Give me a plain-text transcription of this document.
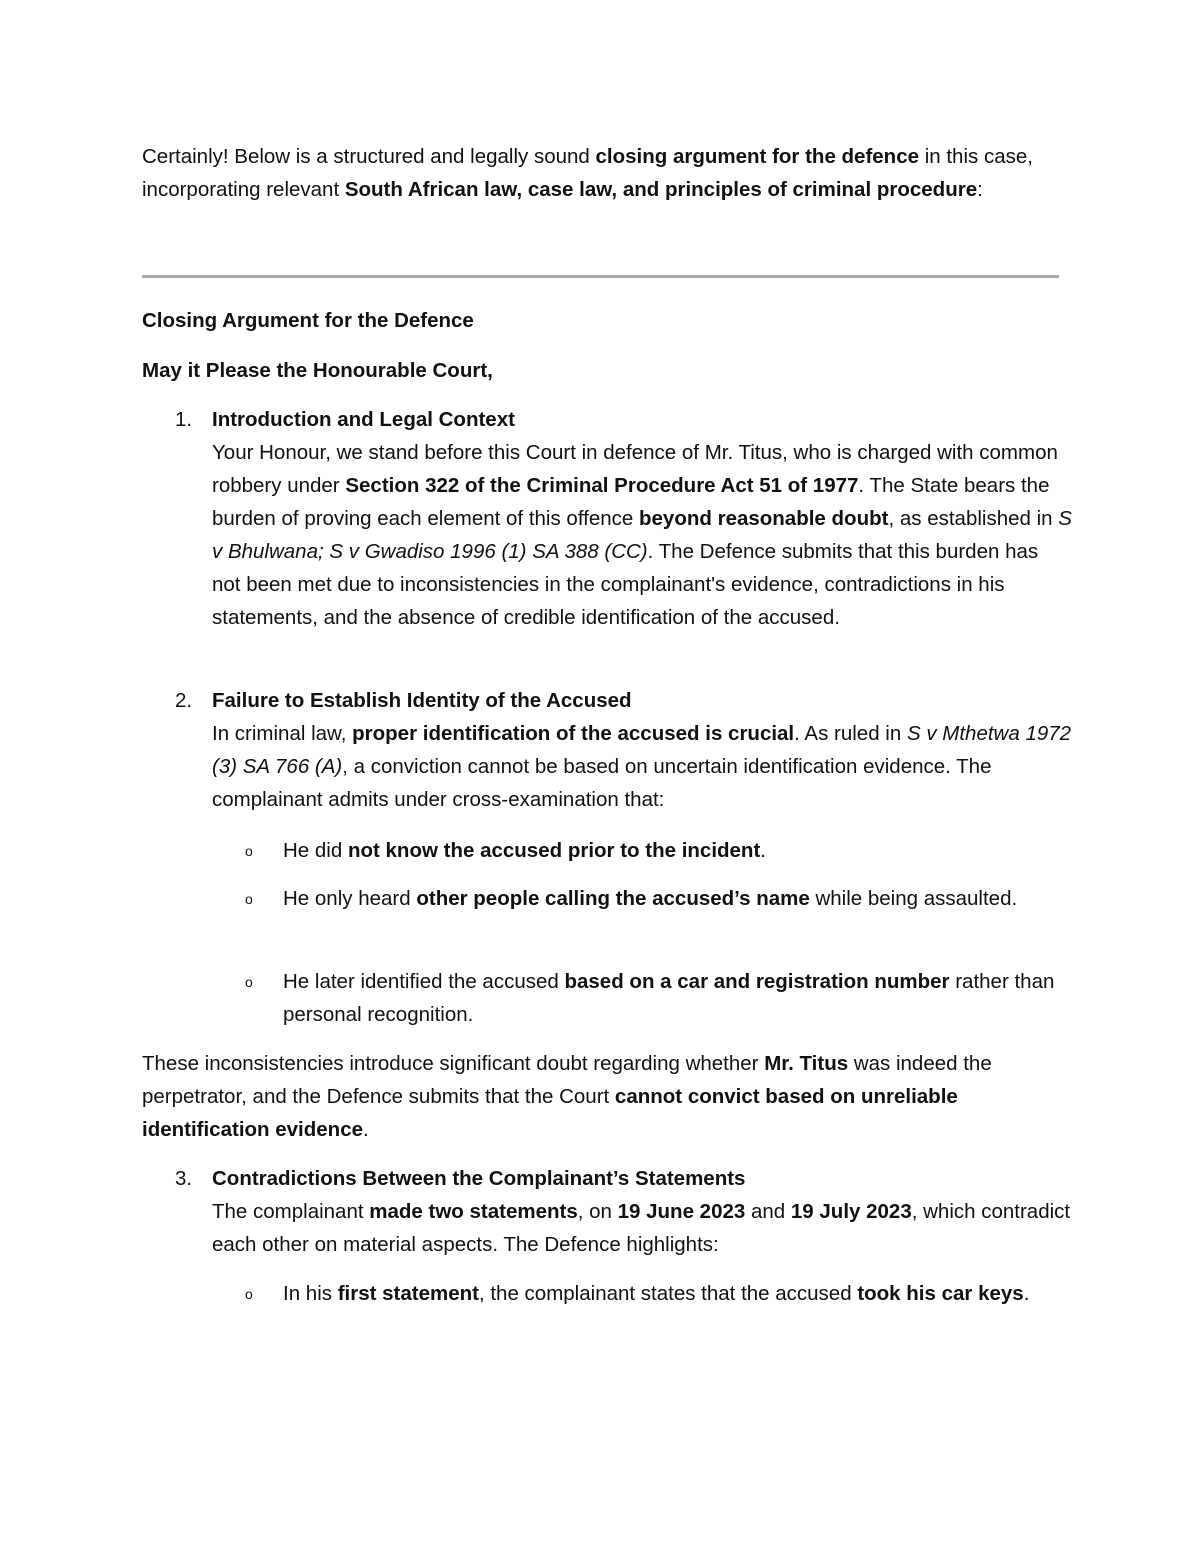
Certainly! Below is a structured and legally sound closing argument for the defence in this case, incorporating relevant South African law, case law, and principles of criminal procedure:
Closing Argument for the Defence
May it Please the Honourable Court,
1. Introduction and Legal Context
Your Honour, we stand before this Court in defence of Mr. Titus, who is charged with common robbery under Section 322 of the Criminal Procedure Act 51 of 1977. The State bears the burden of proving each element of this offence beyond reasonable doubt, as established in S v Bhulwana; S v Gwadiso 1996 (1) SA 388 (CC). The Defence submits that this burden has not been met due to inconsistencies in the complainant's evidence, contradictions in his statements, and the absence of credible identification of the accused.
2. Failure to Establish Identity of the Accused
In criminal law, proper identification of the accused is crucial. As ruled in S v Mthetwa 1972 (3) SA 766 (A), a conviction cannot be based on uncertain identification evidence. The complainant admits under cross-examination that:
o He did not know the accused prior to the incident.
o He only heard other people calling the accused’s name while being assaulted.
o He later identified the accused based on a car and registration number rather than personal recognition.
These inconsistencies introduce significant doubt regarding whether Mr. Titus was indeed the perpetrator, and the Defence submits that the Court cannot convict based on unreliable identification evidence.
3. Contradictions Between the Complainant’s Statements
The complainant made two statements, on 19 June 2023 and 19 July 2023, which contradict each other on material aspects. The Defence highlights:
o In his first statement, the complainant states that the accused took his car keys.
